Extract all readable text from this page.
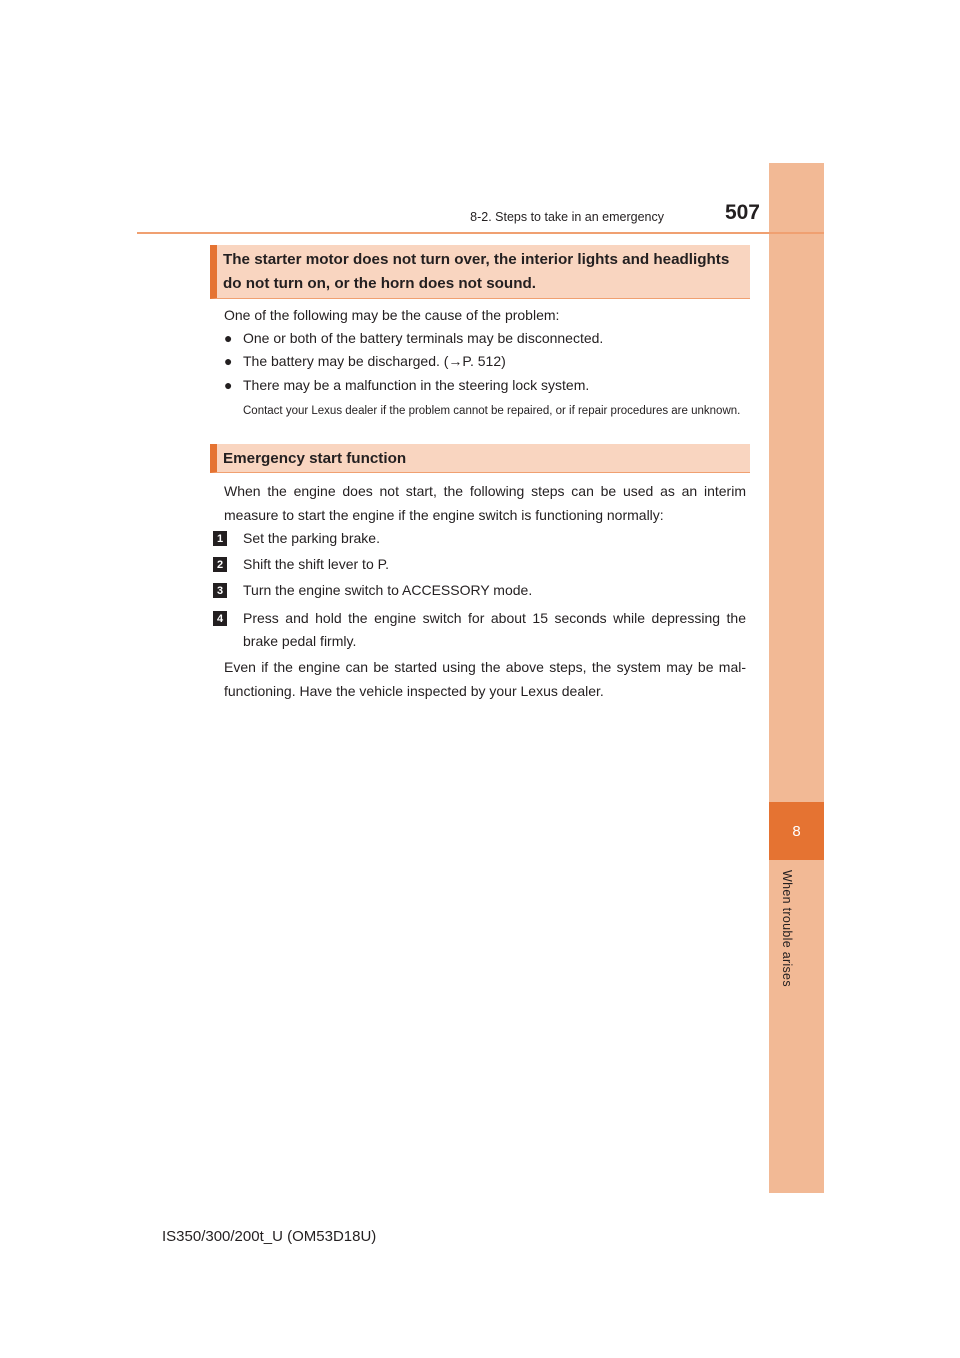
8
When trouble arises
8-2. Steps to take in an emergency	507
The starter motor does not turn over, the interior lights and headlights do not turn on, or the horn does not sound.
One of the following may be the cause of the problem:
● One or both of the battery terminals may be disconnected.
● The battery may be discharged. (→P. 512)
● There may be a malfunction in the steering lock system.
Contact your Lexus dealer if the problem cannot be repaired, or if repair procedures are unknown.
Emergency start function
When the engine does not start, the following steps can be used as an interim measure to start the engine if the engine switch is functioning normally:
1 Set the parking brake.
2 Shift the shift lever to P.
3 Turn the engine switch to ACCESSORY mode.
4 Press and hold the engine switch for about 15 seconds while depressing the brake pedal firmly.
Even if the engine can be started using the above steps, the system may be mal-functioning. Have the vehicle inspected by your Lexus dealer.
IS350/300/200t_U (OM53D18U)
